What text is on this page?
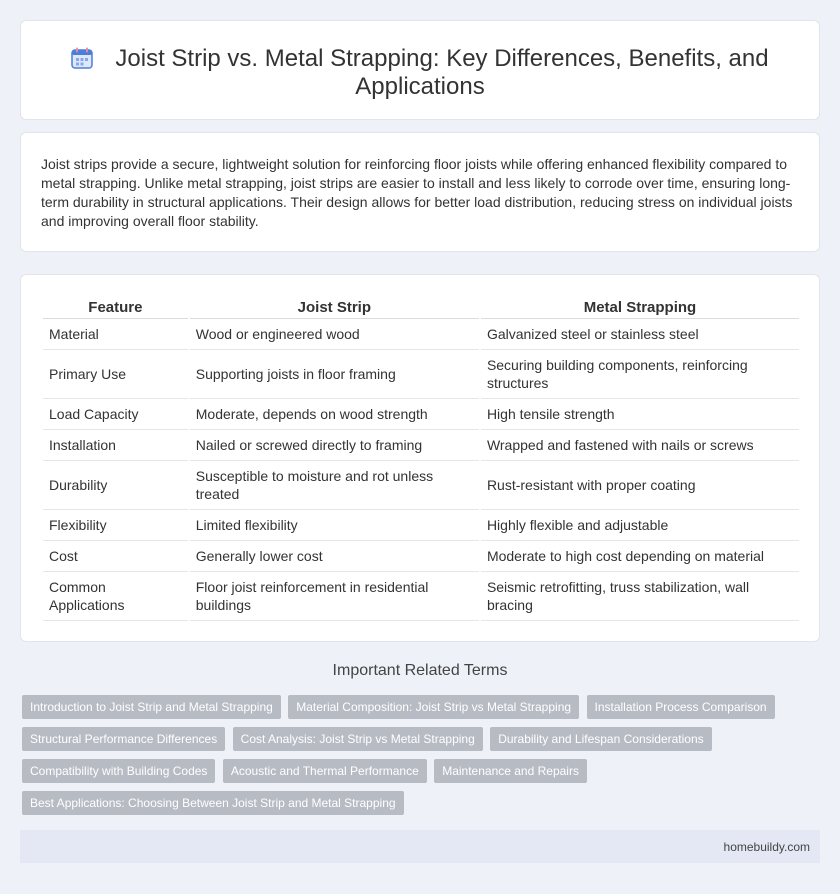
Joist Strip vs. Metal Strapping: Key Differences, Benefits, and Applications

Joist strips provide a secure, lightweight solution for reinforcing floor joists while offering enhanced flexibility compared to metal strapping. Unlike metal strapping, joist strips are easier to install and less likely to corrode over time, ensuring long-term durability in structural applications. Their design allows for better load distribution, reducing stress on individual joists and improving overall floor stability.

Feature	Joist Strip	Metal Strapping
Material	Wood or engineered wood	Galvanized steel or stainless steel
Primary Use	Supporting joists in floor framing	Securing building components, reinforcing structures
Load Capacity	Moderate, depends on wood strength	High tensile strength
Installation	Nailed or screwed directly to framing	Wrapped and fastened with nails or screws
Durability	Susceptible to moisture and rot unless treated	Rust-resistant with proper coating
Flexibility	Limited flexibility	Highly flexible and adjustable
Cost	Generally lower cost	Moderate to high cost depending on material
Common Applications	Floor joist reinforcement in residential buildings	Seismic retrofitting, truss stabilization, wall bracing
Important Related Terms
Introduction to Joist Strip and Metal Strapping Material Composition: Joist Strip vs Metal Strapping Installation Process Comparison
Structural Performance Differences Cost Analysis: Joist Strip vs Metal Strapping Durability and Lifespan Considerations
Compatibility with Building Codes Acoustic and Thermal Performance Maintenance and Repairs
Best Applications: Choosing Between Joist Strip and Metal Strapping
homebuildy.com
